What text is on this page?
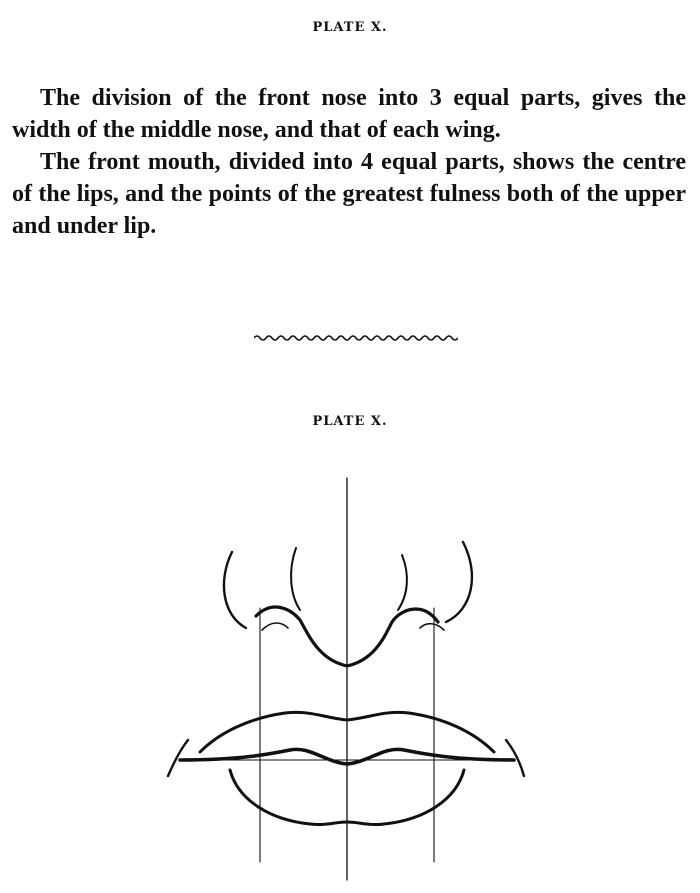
PLATE X.

The division of the front nose into 3 equal parts, gives the width of the middle nose, and that of each wing.

The front mouth, divided into 4 equal parts, shows the centre of the lips, and the points of the greatest fulness both of the upper and under lip.

PLATE X.
